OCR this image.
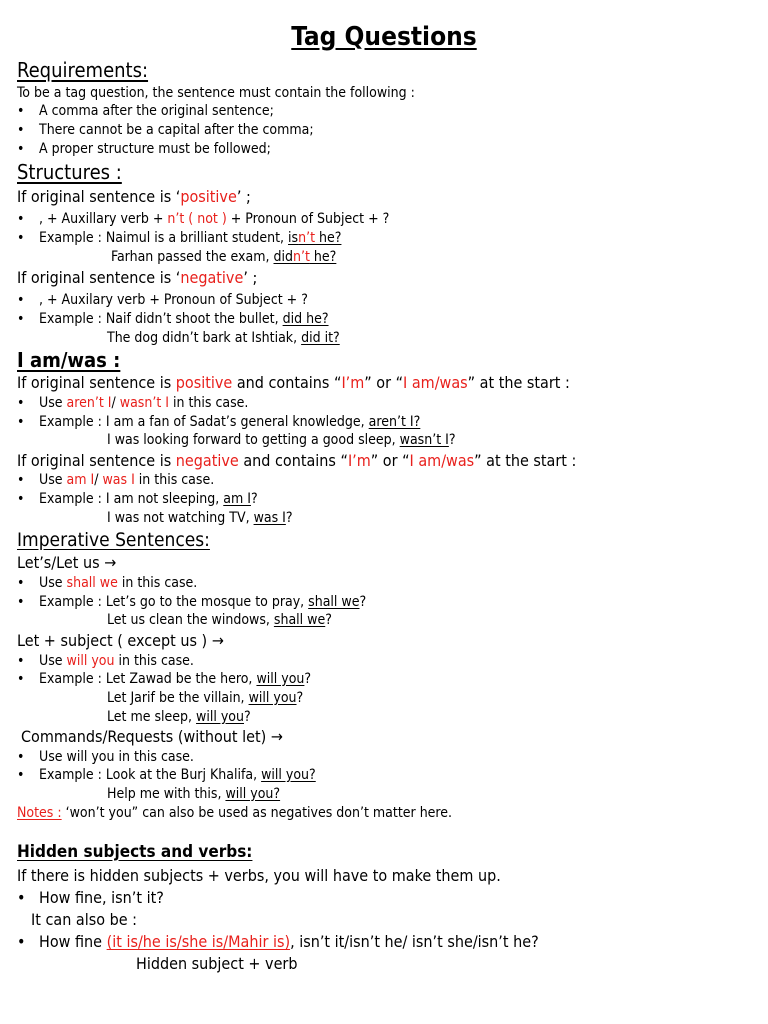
Tag Questions
Requirements:
To be a tag question, the sentence must contain the following :
• A comma after the original sentence;
• There cannot be a capital after the comma;
• A proper structure must be followed;
Structures :
If original sentence is ‘positive’ ;
• , + Auxillary verb + n’t ( not ) + Pronoun of Subject + ?
• Example : Naimul is a brilliant student, isn’t he?
Farhan passed the exam, didn’t he?
If original sentence is ‘negative’ ;
• , + Auxilary verb + Pronoun of Subject + ?
• Example : Naif didn’t shoot the bullet, did he?
The dog didn’t bark at Ishtiak, did it?
I am/was :
If original sentence is positive and contains “I’m” or “I am/was” at the start :
• Use aren’t I/ wasn’t I in this case.
• Example : I am a fan of Sadat’s general knowledge, aren’t I?
I was looking forward to getting a good sleep, wasn’t I?
If original sentence is negative and contains “I’m” or “I am/was” at the start :
• Use am I/ was I in this case.
• Example : I am not sleeping, am I?
I was not watching TV, was I?
Imperative Sentences:
Let’s/Let us →
• Use shall we in this case.
• Example : Let’s go to the mosque to pray, shall we?
Let us clean the windows, shall we?
Let + subject ( except us ) →
• Use will you in this case.
• Example : Let Zawad be the hero, will you?
Let Jarif be the villain, will you?
Let me sleep, will you?
Commands/Requests (without let) →
• Use will you in this case.
• Example : Look at the Burj Khalifa, will you?
Help me with this, will you?
Notes : ‘won’t you” can also be used as negatives don’t matter here.
Hidden subjects and verbs:
If there is hidden subjects + verbs, you will have to make them up.
• How fine, isn’t it?
It can also be :
• How fine (it is/he is/she is/Mahir is), isn’t it/isn’t he/ isn’t she/isn’t he?
Hidden subject + verb
